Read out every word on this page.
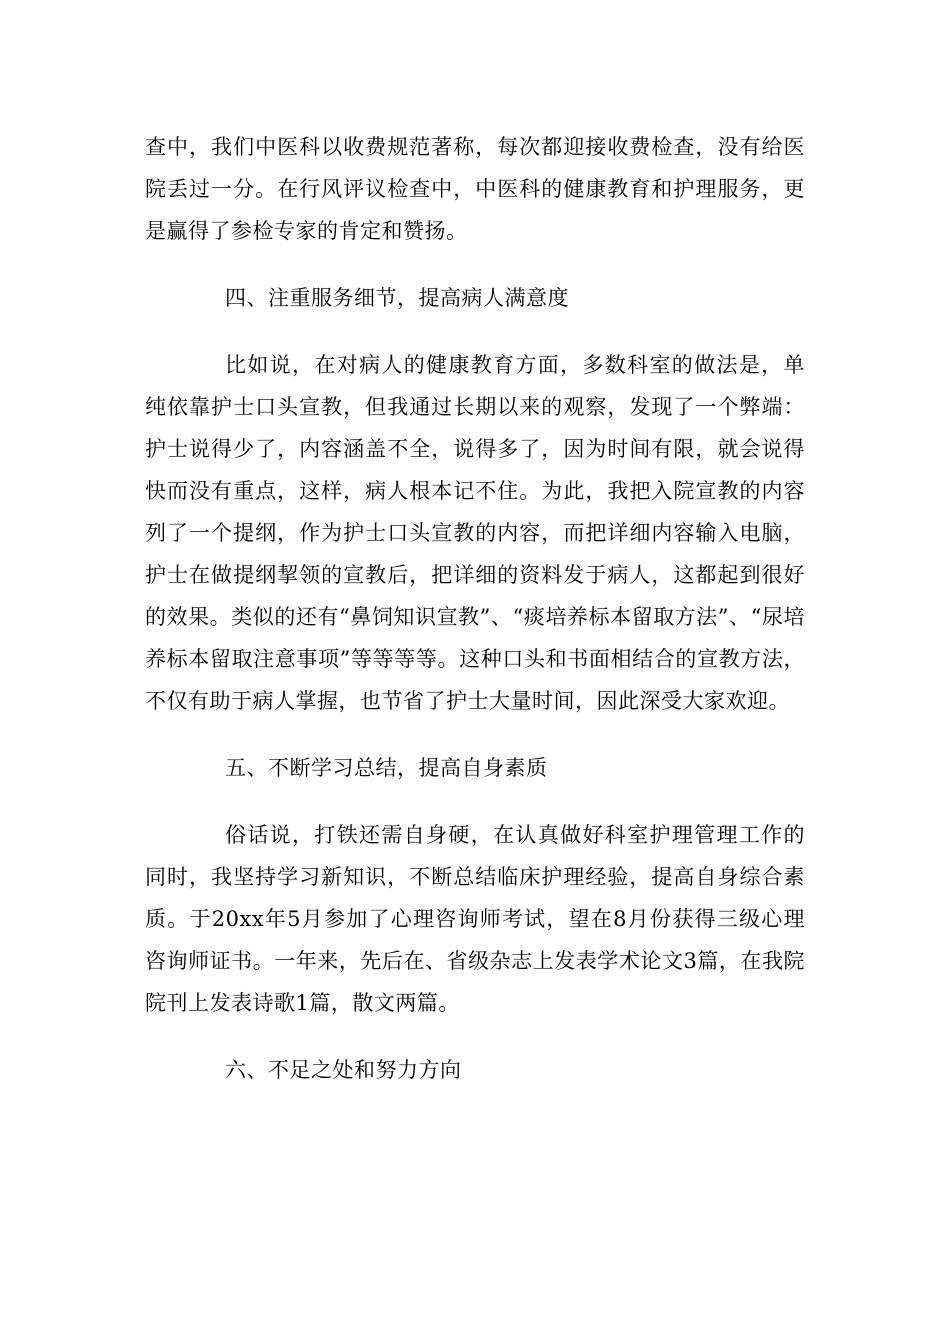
查中，我们中医科以收费规范著称，每次都迎接收费检查，没有给医院丢过一分。在行风评议检查中，中医科的健康教育和护理服务，更是赢得了参检专家的肯定和赞扬。

四、注重服务细节，提高病人满意度

比如说，在对病人的健康教育方面，多数科室的做法是，单纯依靠护士口头宣教，但我通过长期以来的观察，发现了一个弊端：护士说得少了，内容涵盖不全，说得多了，因为时间有限，就会说得快而没有重点，这样，病人根本记不住。为此，我把入院宣教的内容列了一个提纲，作为护士口头宣教的内容，而把详细内容输入电脑，护士在做提纲挈领的宣教后，把详细的资料发于病人，这都起到很好的效果。类似的还有“鼻饲知识宣教”、“痰培养标本留取方法”、“尿培养标本留取注意事项”等等等等。这种口头和书面相结合的宣教方法，不仅有助于病人掌握，也节省了护士大量时间，因此深受大家欢迎。

五、不断学习总结，提高自身素质

俗话说，打铁还需自身硬，在认真做好科室护理管理工作的同时，我坚持学习新知识，不断总结临床护理经验，提高自身综合素质。于20xx年5月参加了心理咨询师考试，望在8月份获得三级心理咨询师证书。一年来，先后在、省级杂志上发表学术论文3篇，在我院院刊上发表诗歌1篇，散文两篇。

六、不足之处和努力方向
